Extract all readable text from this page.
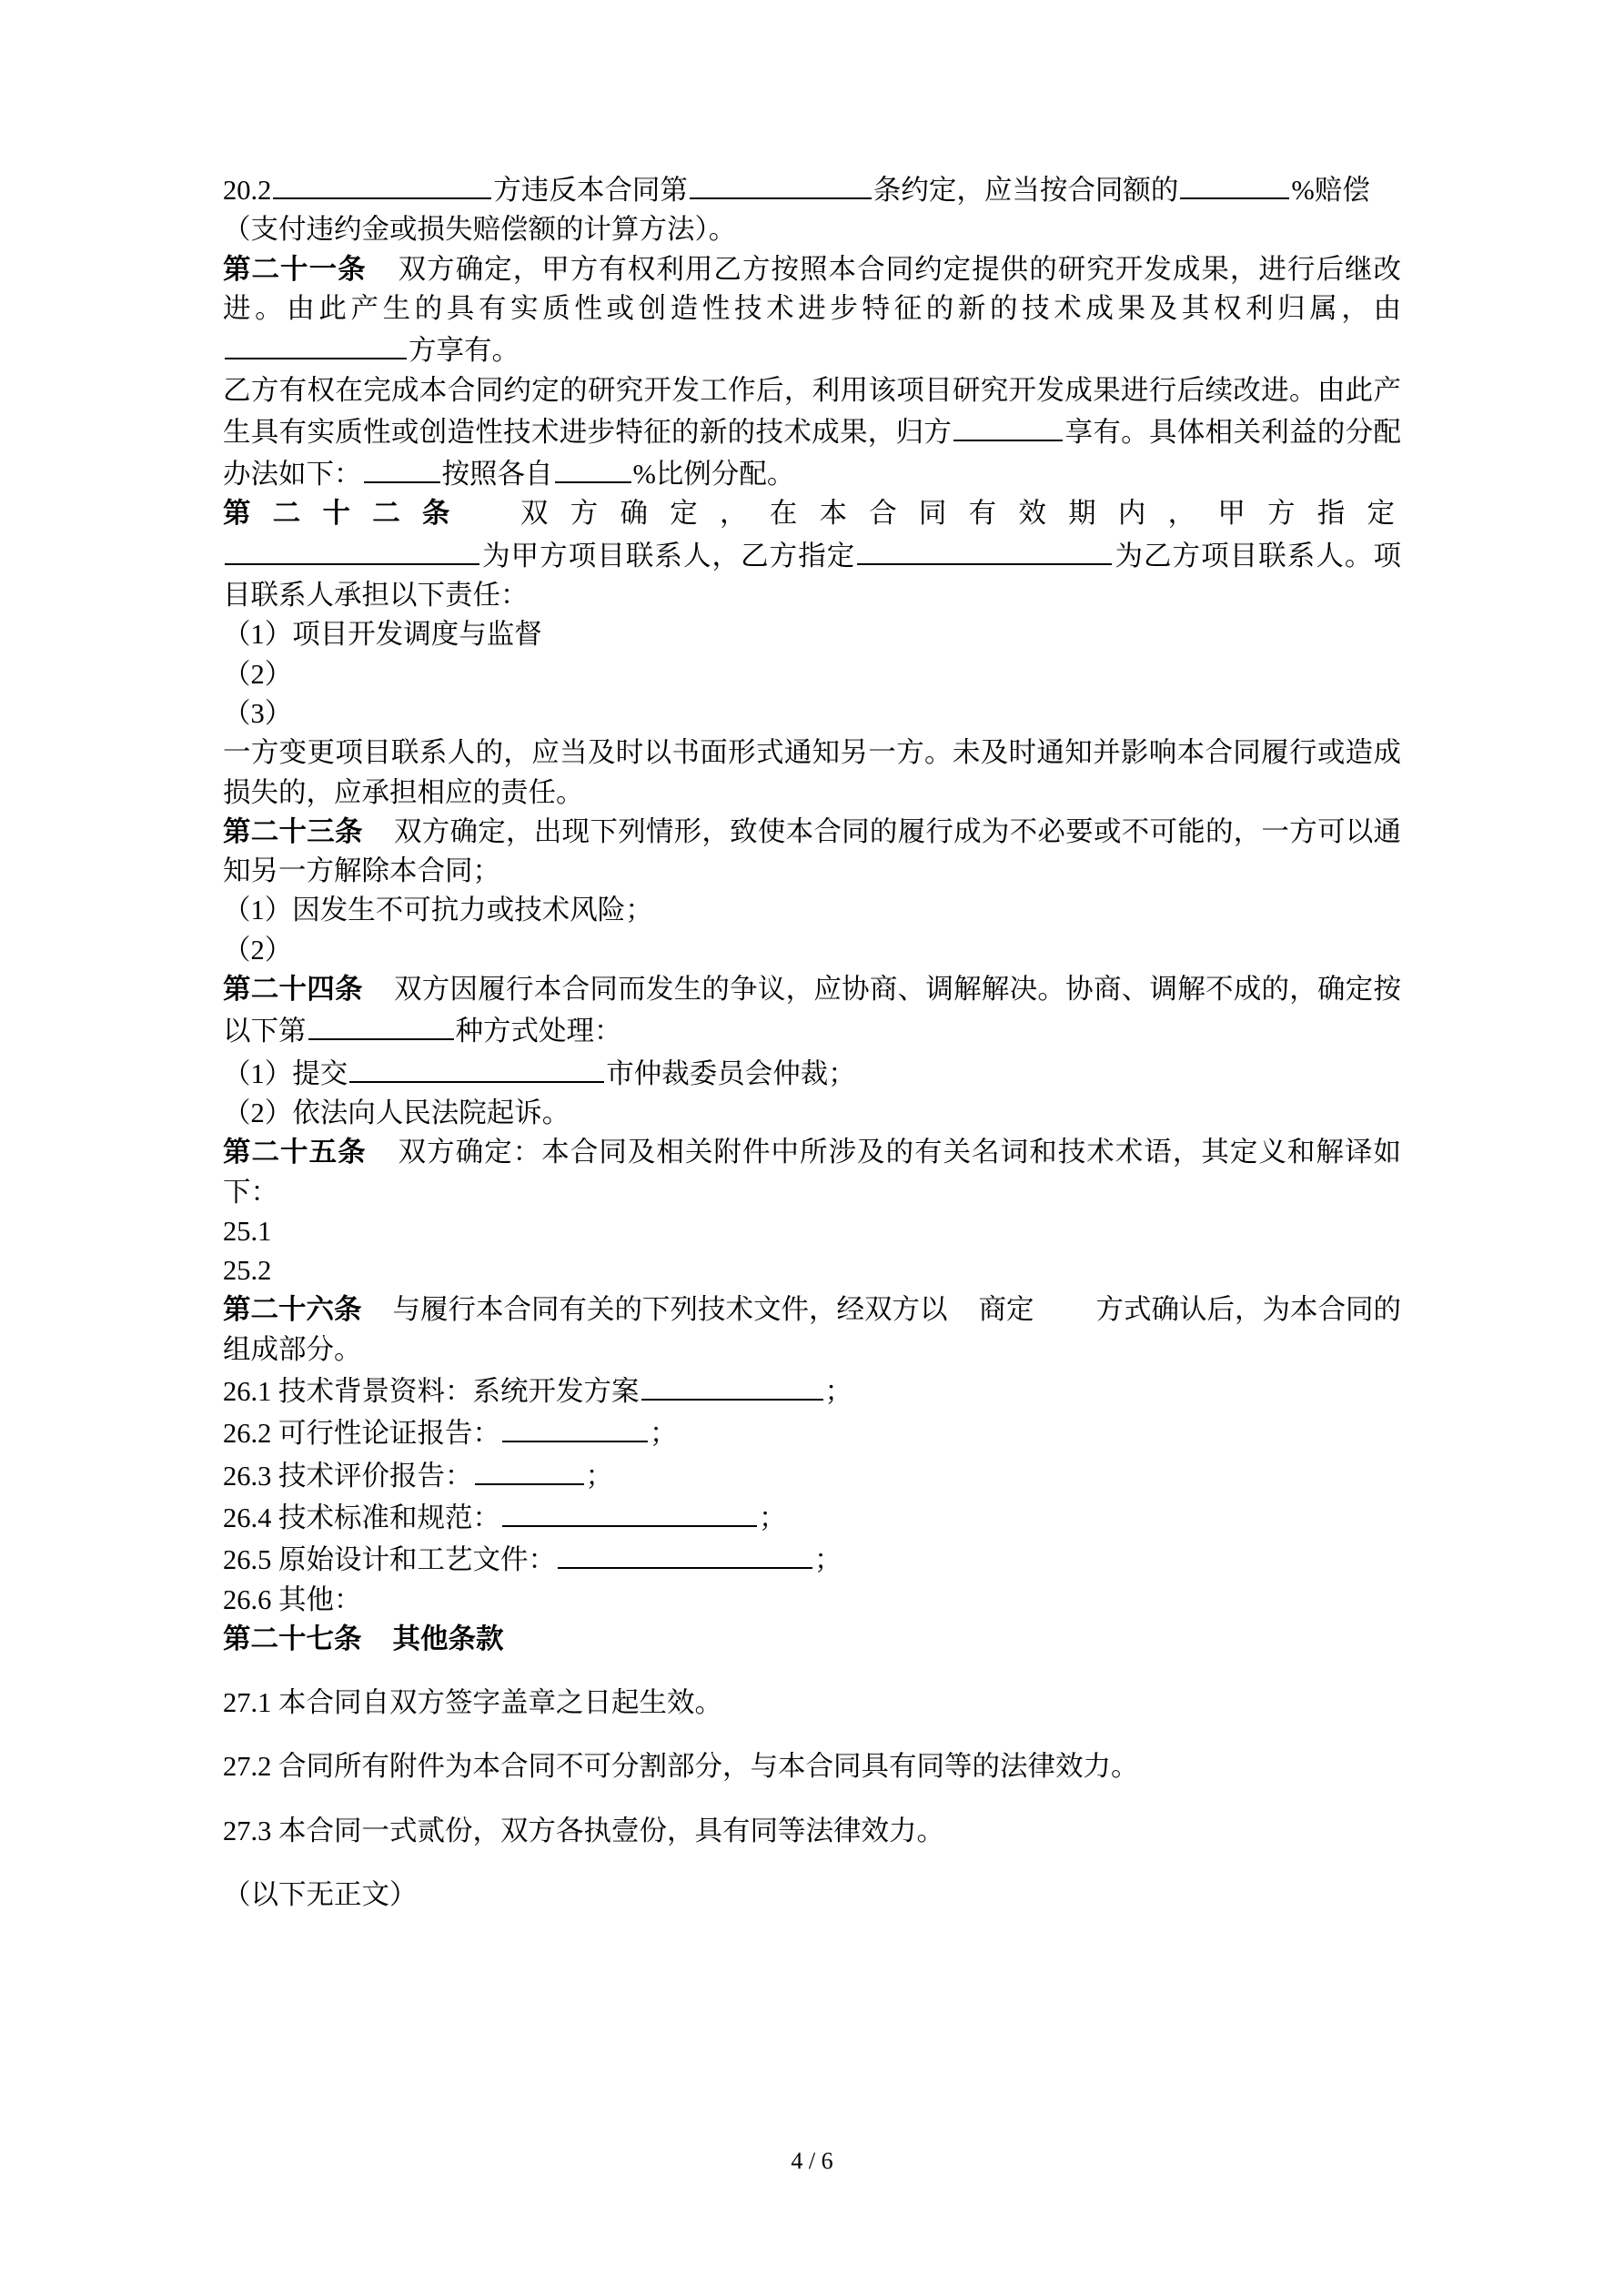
20.2	方违反本合同第	条约定，应当按合同额的	%赔偿

（支付违约金或损失赔偿额的计算方法）。

第二十一条 双方确定，甲方有权利用乙方按照本合同约定提供的研究开发成果，进行后继改进。由此产生的具有实质性或创造性技术进步特征的新的技术成果及其权利归属，由方享有。

乙方有权在完成本合同约定的研究开发工作后，利用该项目研究开发成果进行后续改进。由此产生具有实质性或创造性技术进步特征的新的技术成果，归方	享有。具体相关利益的分配办法如下：	按照各自	%比例分配。

第 二 十 二 条 双 方 确 定 ， 在 本 合 同 有 效 期 内 ， 甲 方 指 定为甲方项目联系人，乙方指定	为乙方项目联系人。项目联系人承担以下责任：

（1）项目开发调度与监督

（2）

（3）

一方变更项目联系人的，应当及时以书面形式通知另一方。未及时通知并影响本合同履行或造成损失的，应承担相应的责任。

第二十三条 双方确定，出现下列情形，致使本合同的履行成为不必要或不可能的，一方可以通知另一方解除本合同；

（1）因发生不可抗力或技术风险；

（2）

第二十四条 双方因履行本合同而发生的争议，应协商、调解解决。协商、调解不成的，确定按以下第	种方式处理：

（1）提交	市仲裁委员会仲裁；

（2）依法向人民法院起诉。

第二十五条 双方确定：本合同及相关附件中所涉及的有关名词和技术术语，其定义和解译如下：

25.1

25.2

第二十六条 与履行本合同有关的下列技术文件，经双方以 商定 方式确认后，为本合同的组成部分。

26.1 技术背景资料：系统开发方案	；

26.2 可行性论证报告：	；

26.3 技术评价报告：	；

26.4 技术标准和规范：	；

26.5 原始设计和工艺文件：	；

26.6 其他：

第二十七条 其他条款

27.1 本合同自双方签字盖章之日起生效。

27.2 合同所有附件为本合同不可分割部分，与本合同具有同等的法律效力。

27.3 本合同一式贰份，双方各执壹份，具有同等法律效力。

（以下无正文）

4 / 6
